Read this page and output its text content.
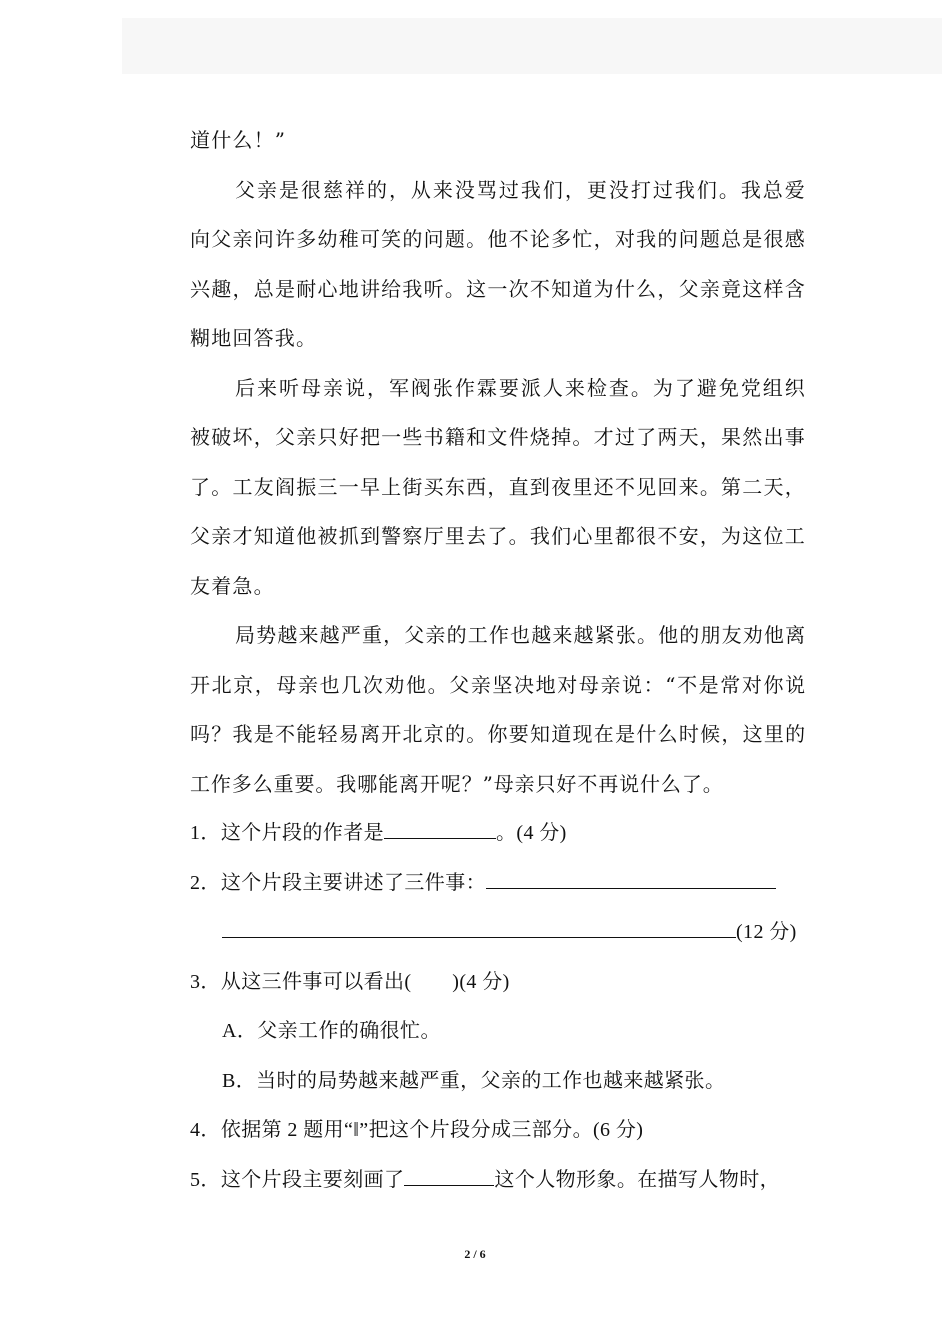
道什么！”

父亲是很慈祥的，从来没骂过我们，更没打过我们。我总爱向父亲问许多幼稚可笑的问题。他不论多忙，对我的问题总是很感兴趣，总是耐心地讲给我听。这一次不知道为什么，父亲竟这样含糊地回答我。

后来听母亲说，军阀张作霖要派人来检查。为了避免党组织被破坏，父亲只好把一些书籍和文件烧掉。才过了两天，果然出事了。工友阎振三一早上街买东西，直到夜里还不见回来。第二天，父亲才知道他被抓到警察厅里去了。我们心里都很不安，为这位工友着急。

局势越来越严重，父亲的工作也越来越紧张。他的朋友劝他离开北京，母亲也几次劝他。父亲坚决地对母亲说：“不是常对你说吗？我是不能轻易离开北京的。你要知道现在是什么时候，这里的工作多么重要。我哪能离开呢？”母亲只好不再说什么了。

1．这个片段的作者是	。(4 分)
2．这个片段主要讲述了三件事：
(12 分)
3．从这三件事可以看出(　　)(4 分)
A．父亲工作的确很忙。
B．当时的局势越来越严重，父亲的工作也越来越紧张。
4．依据第 2 题用“‖”把这个片段分成三部分。(6 分)
5．这个片段主要刻画了	这个人物形象。在描写人物时，
2 / 6
